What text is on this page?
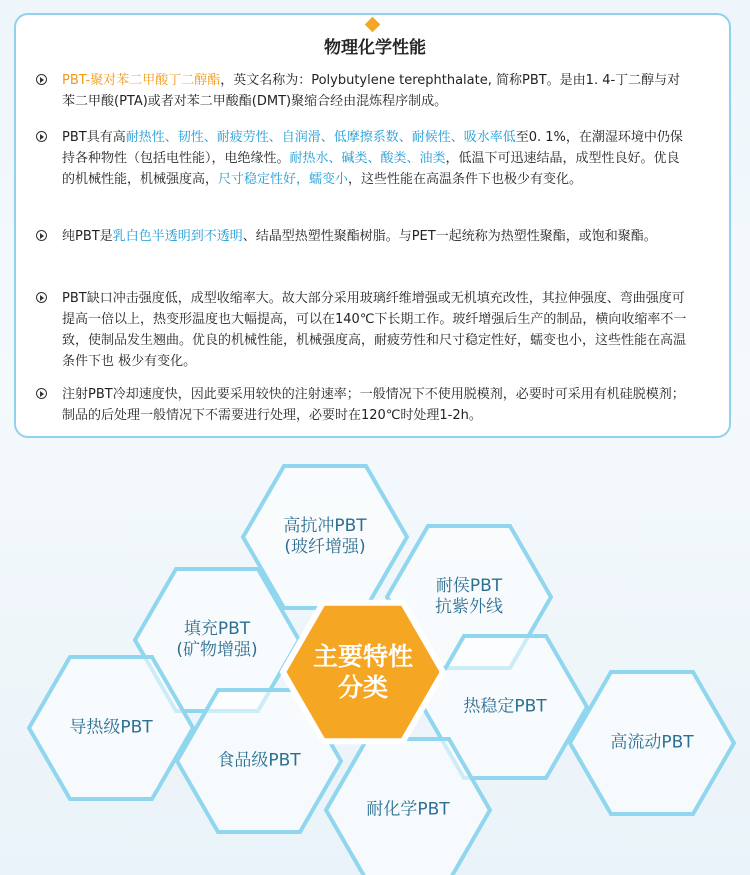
物理化学性能
PBT-聚对苯二甲酸丁二醇酯，英文名称为：Polybutylene terephthalate, 简称PBT。是由1. 4-丁二醇与对苯二甲酸(PTA)或者对苯二甲酸酯(DMT)聚缩合经由混炼程序制成。
PBT具有高耐热性、韧性、耐疲劳性、自润滑、低摩擦系数、耐候性、吸水率低至0. 1%，在潮湿环境中仍保持各种物性（包括电性能），电绝缘性。耐热水、碱类、酸类、油类，低温下可迅速结晶，成型性良好。优良的机械性能，机械强度高，尺寸稳定性好，蠕变小，这些性能在高温条件下也极少有变化。
纯PBT是乳白色半透明到不透明、结晶型热塑性聚酯树脂。与PET一起统称为热塑性聚酯，或饱和聚酯。
PBT缺口冲击强度低，成型收缩率大。故大部分采用玻璃纤维增强或无机填充改性，其拉伸强度、弯曲强度可提高一倍以上，热变形温度也大幅提高，可以在140℃下长期工作。玻纤增强后生产的制品，横向收缩率不一致，使制品发生翘曲。优良的机械性能，机械强度高，耐疲劳性和尺寸稳定性好，蠕变也小，这些性能在高温条件下也 极少有变化。
注射PBT冷却速度快，因此要采用较快的注射速率；一般情况下不使用脱模剂，必要时可采用有机硅脱模剂；制品的后处理一般情况下不需要进行处理，必要时在120℃时处理1-2h。
高抗冲PBT
(玻纤增强)
耐侯PBT
抗紫外线
填充PBT
(矿物增强)
热稳定PBT
导热级PBT
食品级PBT
高流动PBT
耐化学PBT
主要特性分类
